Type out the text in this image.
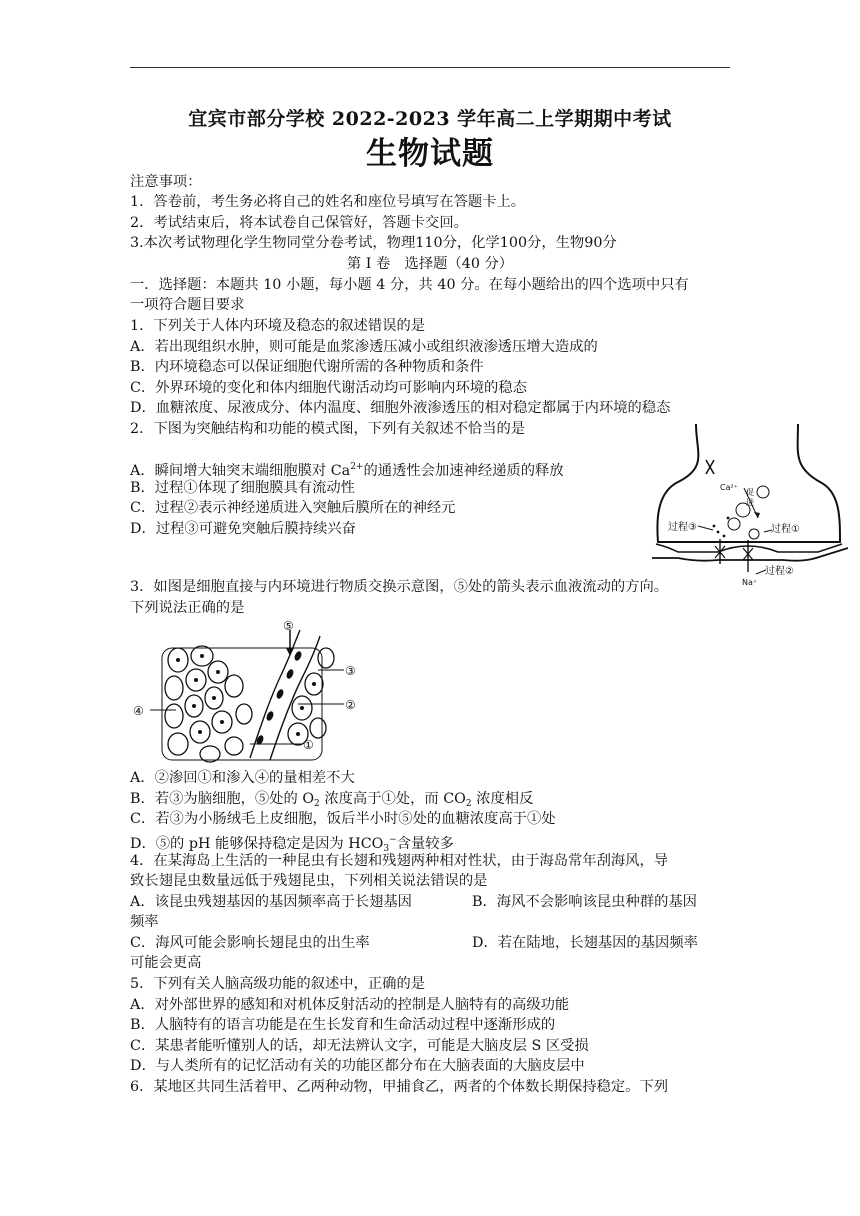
宜宾市部分学校 2022-2023 学年高二上学期期中考试
生物试题
注意事项：
1．答卷前，考生务必将自己的姓名和座位号填写在答题卡上。
2．考试结束后，将本试卷自己保管好，答题卡交回。
3.本次考试物理化学生物同堂分卷考试，物理110分，化学100分，生物90分
第 I 卷　选择题（40 分）
一．选择题：本题共 10 小题，每小题 4 分，共 40 分。在每小题给出的四个选项中只有
一项符合题目要求
1．下列关于人体内环境及稳态的叙述错误的是
A．若出现组织水肿，则可能是血浆渗透压减小或组织液渗透压增大造成的
B．内环境稳态可以保证细胞代谢所需的各种物质和条件
C．外界环境的变化和体内细胞代谢活动均可影响内环境的稳态
D．血糖浓度、尿液成分、体内温度、细胞外液渗透压的相对稳定都属于内环境的稳态
2．下图为突触结构和功能的模式图，下列有关叙述不恰当的是
A．瞬间增大轴突末端细胞膜对 $Ca^{2+}$的通透性会加速神经递质的释放
B．过程①体现了细胞膜具有流动性
C．过程②表示神经递质进入突触后膜所在的神经元
D．过程③可避免突触后膜持续兴奋
Ca²⁺
促
进
过程③	过程①
过程②
Na⁺
3．如图是细胞直接与内环境进行物质交换示意图，⑤处的箭头表示血液流动的方向。
下列说法正确的是
⑤
③
②
①
④
A．②渗回①和渗入④的量相差不大
B．若③为脑细胞，⑤处的 $O_2$ 浓度高于①处，而 $CO_2$ 浓度相反
C．若③为小肠绒毛上皮细胞，饭后半小时⑤处的血糖浓度高于①处
D．⑤的 pH 能够保持稳定是因为 $HCO_3^-$含量较多
4．在某海岛上生活的一种昆虫有长翅和残翅两种相对性状，由于海岛常年刮海风，导
致长翅昆虫数量远低于残翅昆虫，下列相关说法错误的是
A．该昆虫残翅基因的基因频率高于长翅基因	B．海风不会影响该昆虫种群的基因
频率
C．海风可能会影响长翅昆虫的出生率	D．若在陆地，长翅基因的基因频率
可能会更高
5．下列有关人脑高级功能的叙述中，正确的是
A．对外部世界的感知和对机体反射活动的控制是人脑特有的高级功能
B．人脑特有的语言功能是在生长发育和生命活动过程中逐渐形成的
C．某患者能听懂别人的话，却无法辨认文字，可能是大脑皮层 S 区受损
D．与人类所有的记忆活动有关的功能区都分布在大脑表面的大脑皮层中
6．某地区共同生活着甲、乙两种动物，甲捕食乙，两者的个体数长期保持稳定。下列
